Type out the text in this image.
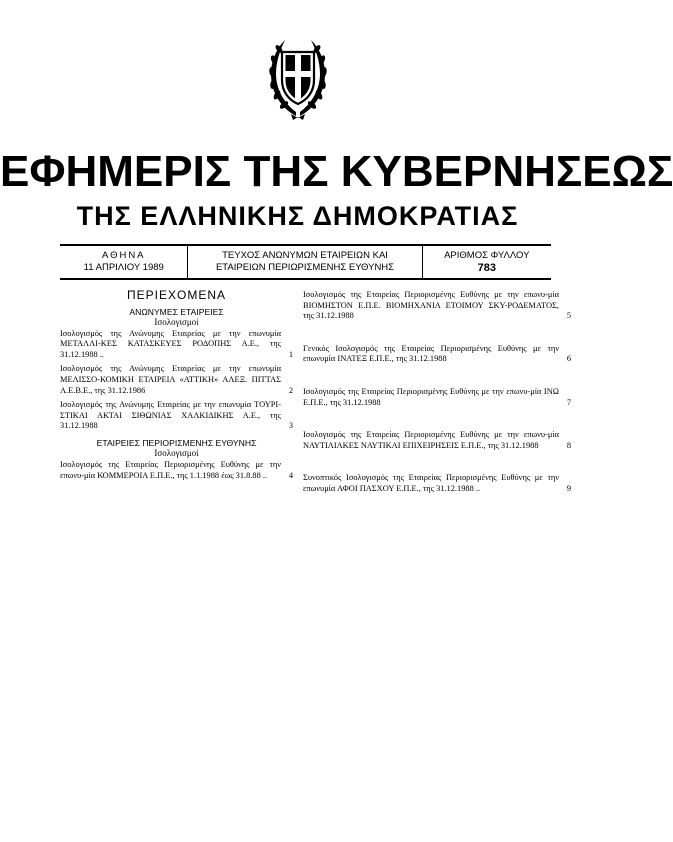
ΕΦΗΜΕΡΙΣ ΤΗΣ ΚΥΒΕΡΝΗΣΕΩΣ
ΤΗΣ ΕΛΛΗΝΙΚΗΣ ΔΗΜΟΚΡΑΤΙΑΣ
ΑΘΗΝΑ
11 ΑΠΡΙΛΙΟΥ 1989
ΤΕΥΧΟΣ ΑΝΩΝΥΜΩΝ ΕΤΑΙΡΕΙΩΝ ΚΑΙ
ΕΤΑΙΡΕΙΩΝ ΠΕΡΙΩΡΙΣΜΕΝΗΣ ΕΥΘΥΝΗΣ
ΑΡΙΘΜΟΣ ΦΥΛΛΟΥ
783
ΠΕΡΙΕΧΟΜΕΝΑ
ΑΝΩΝΥΜΕΣ ΕΤΑΙΡΕΙΕΣ
Ισολογισμοί
Ισολογισμός της Ανώνυμης Εταιρείας με την επωνυμία ΜΕΤΑΛΛΙ-ΚΕΣ ΚΑΤΑΣΚΕΥΕΣ ΡΟΔΟΠΗΣ Α.Ε., της 31.12.1988 ..	1
Ισολογισμός της Ανώνυμης Εταιρείας με την επωνυμία ΜΕΛΙΣΣΟ-ΚΟΜΙΚΗ ΕΤΑΙΡΕΙΑ «ΑΤΤΙΚΗ» ΑΛΕΞ. ΠΙΤΤΑΣ Α.Ε.Β.Ε., της 31.12.1986	2
Ισολογισμός της Ανώνυμης Εταιρείας με την επωνυμία ΤΟΥΡΙ-ΣΤΙΚΑΙ ΑΚΤΑΙ ΣΙΘΩΝΙΑΣ ΧΑΛΚΙΔΙΚΗΣ Α.Ε., της 31.12.1988	3
ΕΤΑΙΡΕΙΕΣ ΠΕΡΙΟΡΙΣΜΕΝΗΣ ΕΥΘΥΝΗΣ
Ισολογισμοί
Ισολογισμός της Εταιρείας Περιορισμένης Ευθύνης με την επωνυ-μία ΚΟΜΜΕΡΟΙΑ Ε.Π.Ε., της 1.1.1988 έως 31.8.88 ..	4
Ισολογισμός της Εταιρείας Περιορισμένης Ευθύνης με την επωνυ-μία ΒΙΟΜΗΣΤΟΝ Ε.Π.Ε. ΒΙΟΜΗΧΑΝΙΑ ΕΤΟΙΜΟΥ ΣΚΥ-ΡΟΔΕΜΑΤΟΣ, της 31.12.1988	5
Γενικός Ισολογισμός της Εταιρείας Περιορισμένης Ευθύνης με την επωνυμία ΙΝΑΤΕΞ Ε.Π.Ε., της 31.12.1988	6
Ισολογισμός της Εταιρείας Περιορισμένης Ευθύνης με την επωνυ-μία ΙΝΩ Ε.Π.Ε., της 31.12.1988	7
Ισολογισμός της Εταιρείας Περιορισμένης Ευθύνης με την επωνυ-μία ΝΑΥΤΙΛΙΑΚΕΣ ΝΑΥΤΙΚΑΙ ΕΠΙΧΕΙΡΗΣΕΙΣ Ε.Π.Ε., της 31.12.1988	8
Συνοπτικός Ισολογισμός της Εταιρείας Περιορισμένης Ευθύνης με την επωνυμία ΑΦΟΙ ΠΑΣΧΟΥ Ε.Π.Ε., της 31.12.1988 ..	9
